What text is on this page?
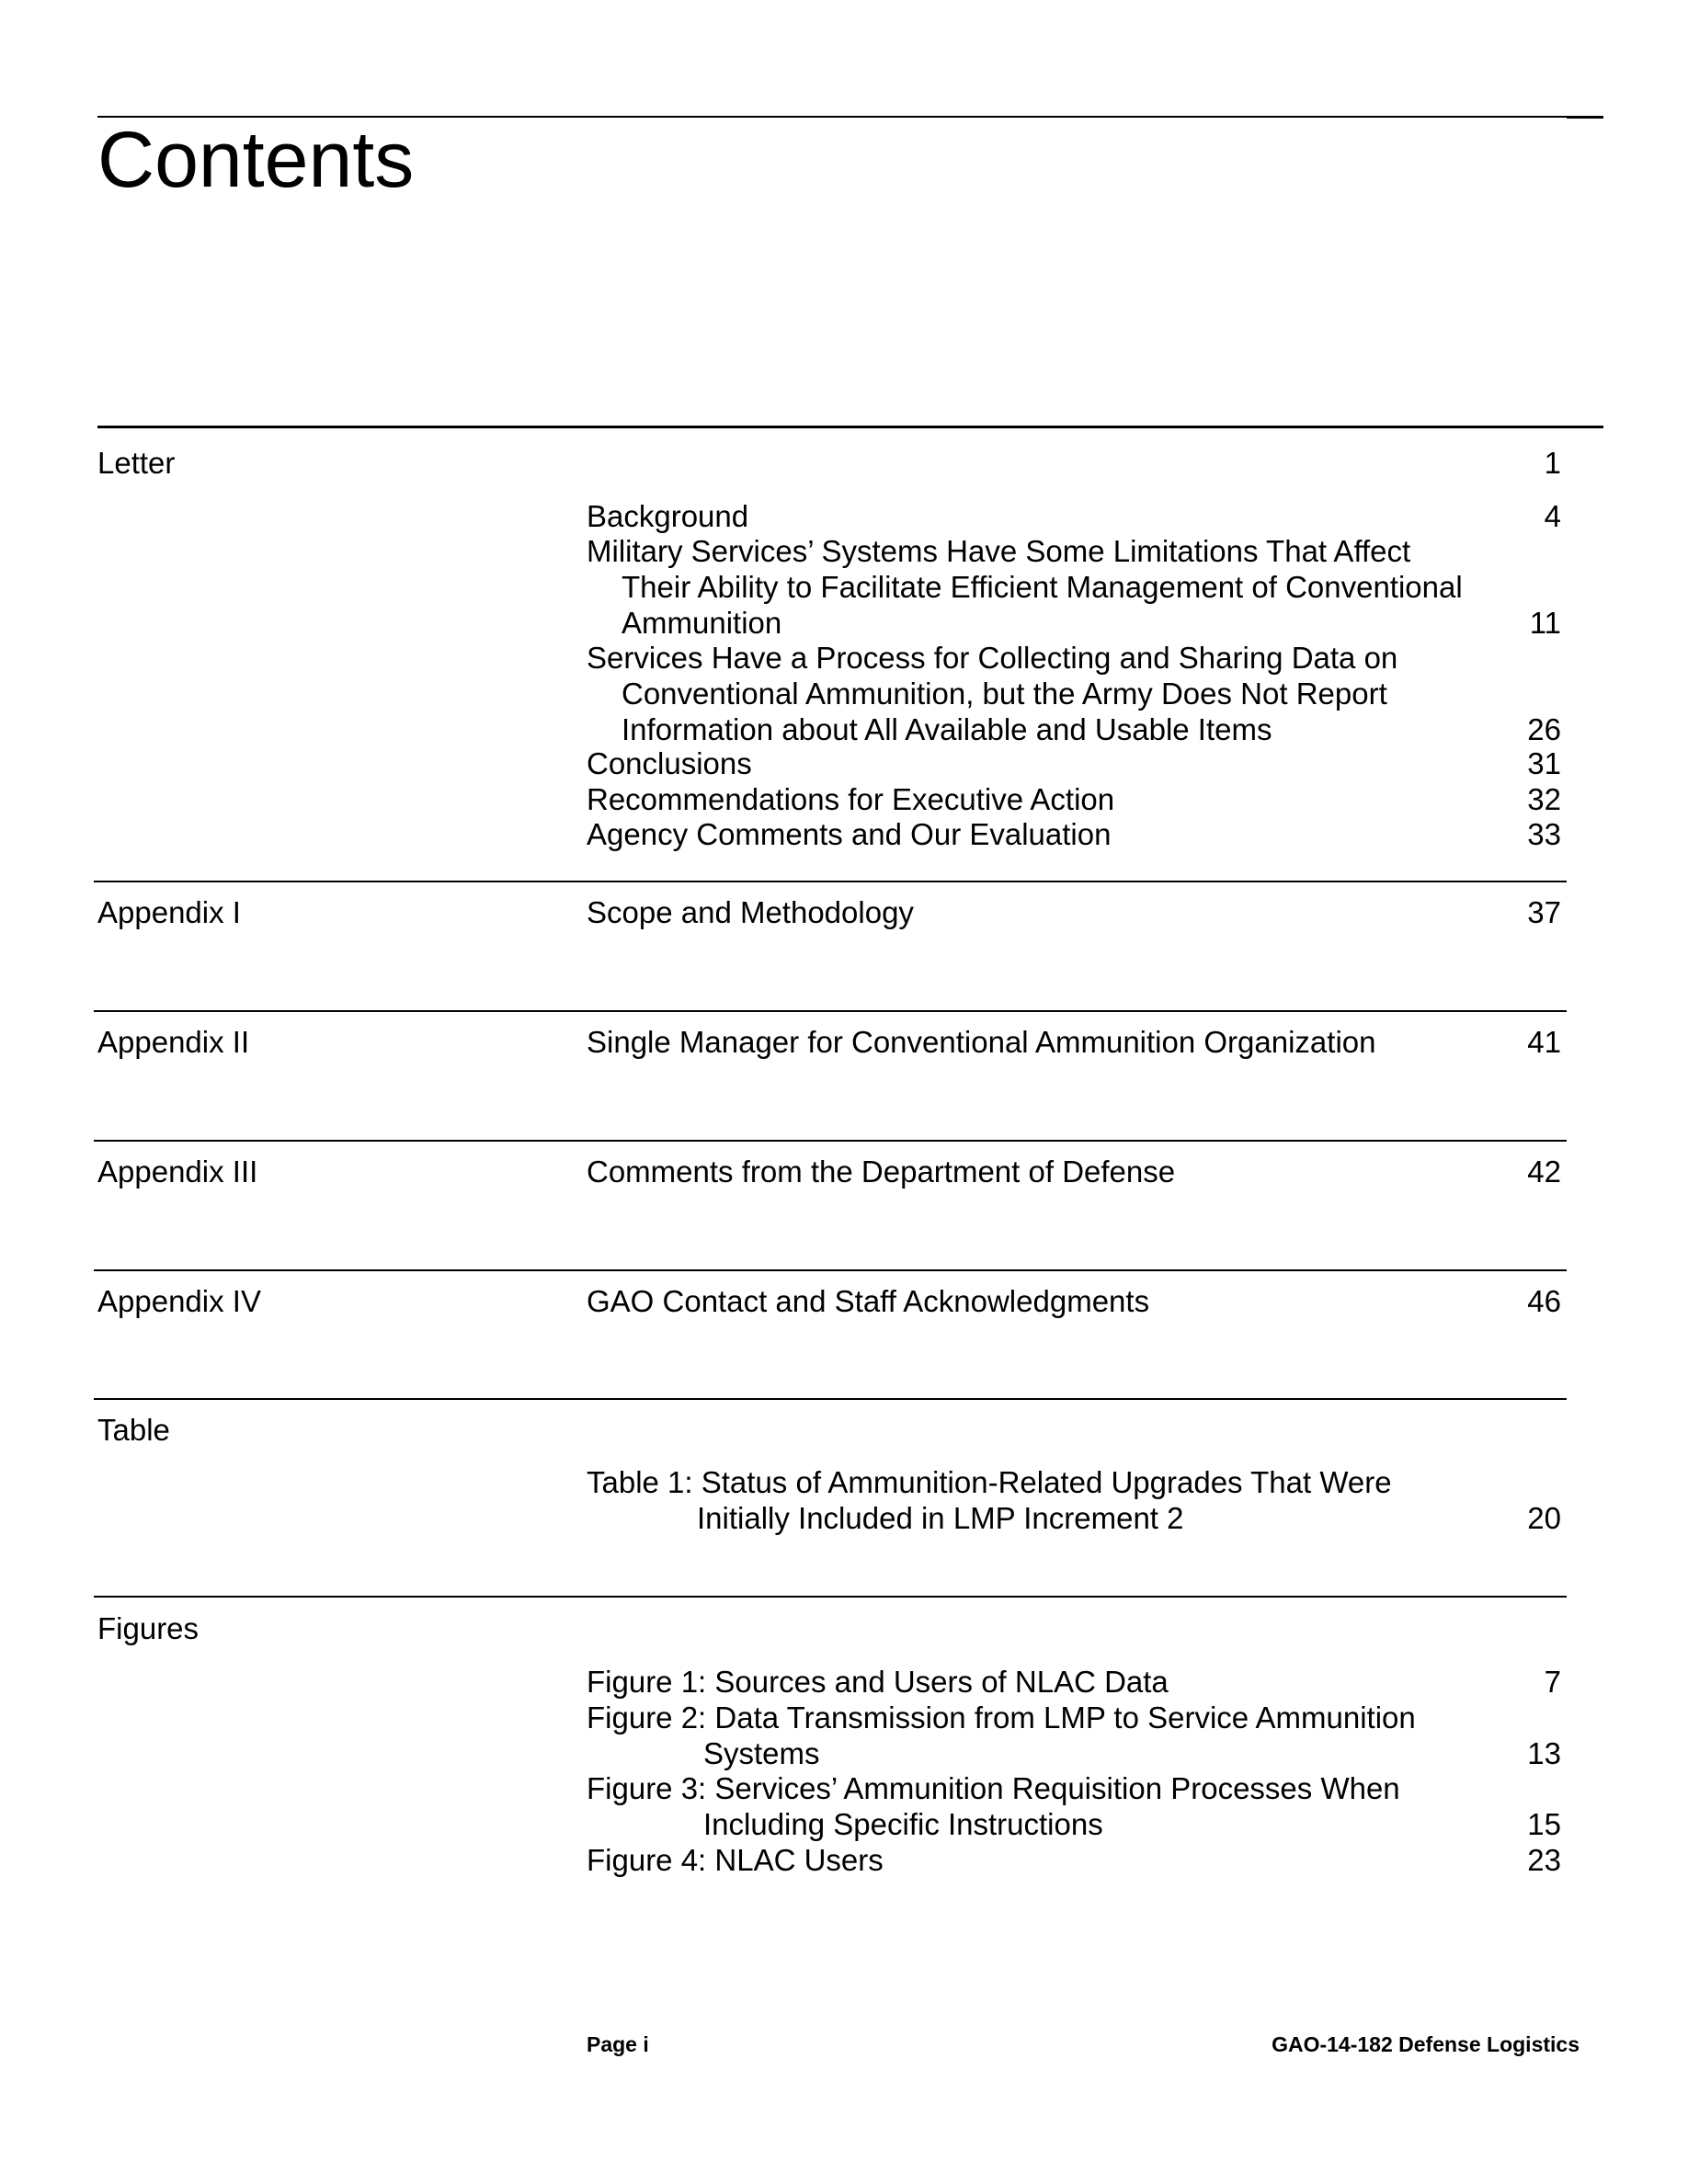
Contents
Letter
	1
Background	4
Military Services’ Systems Have Some Limitations That Affect
Their Ability to Facilitate Efficient Management of Conventional
Ammunition	11
Services Have a Process for Collecting and Sharing Data on
Conventional Ammunition, but the Army Does Not Report
Information about All Available and Usable Items	26
Conclusions	31
Recommendations for Executive Action	32
Agency Comments and Our Evaluation	33
Appendix I	Scope and Methodology	37
Appendix II	Single Manager for Conventional Ammunition Organization	41
Appendix III	Comments from the Department of Defense	42
Appendix IV	GAO Contact and Staff Acknowledgments	46
Table
Table 1: Status of Ammunition-Related Upgrades That Were
Initially Included in LMP Increment 2	20
Figures
Figure 1: Sources and Users of NLAC Data	7
Figure 2: Data Transmission from LMP to Service Ammunition
Systems	13
Figure 3: Services’ Ammunition Requisition Processes When
Including Specific Instructions	15
Figure 4: NLAC Users	23
Page i	GAO-14-182 Defense Logistics
